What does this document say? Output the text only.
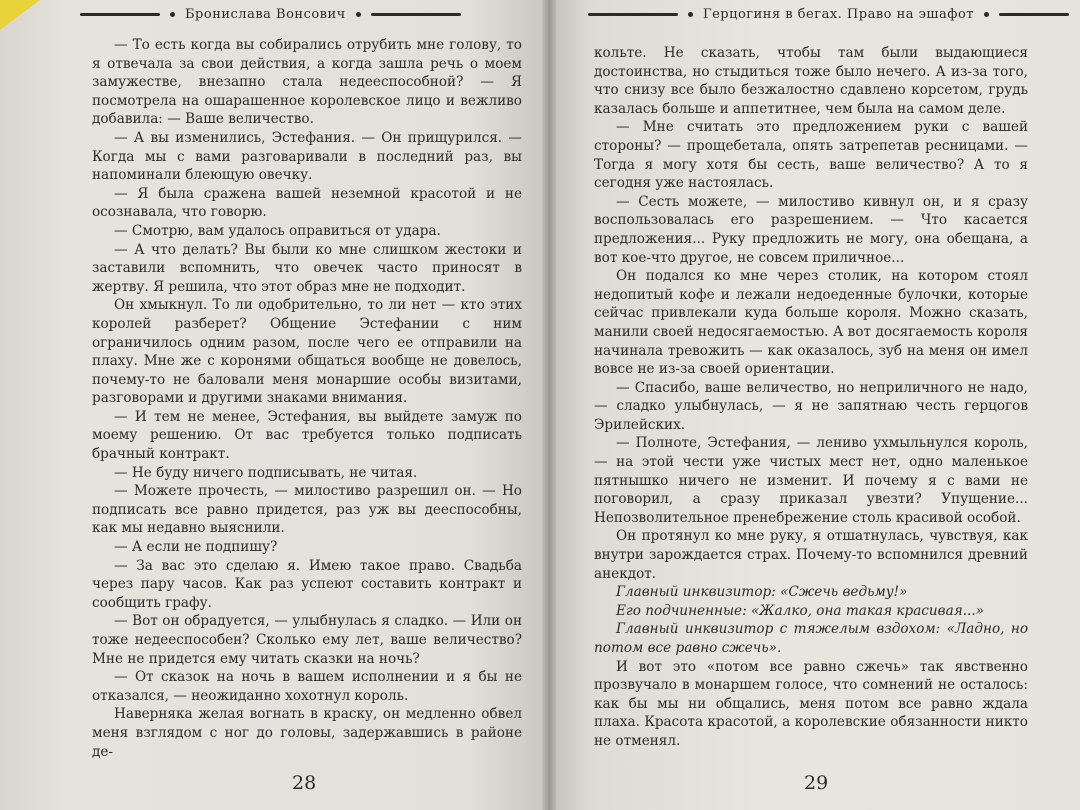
Бронислава Вонсович

— То есть когда вы собирались отрубить мне голову, то я отвечала за свои действия, а когда зашла речь о моем замужестве, внезапно стала недееспособной? — Я посмотрела на ошарашенное королевское лицо и вежливо добавила: — Ваше величество.

— А вы изменились, Эстефания. — Он прищурился. — Когда мы с вами разговаривали в последний раз, вы напоминали блеющую овечку.

— Я была сражена вашей неземной красотой и не осознавала, что говорю.

— Смотрю, вам удалось оправиться от удара.

— А что делать? Вы были ко мне слишком жестоки и заставили вспомнить, что овечек часто приносят в жертву. Я решила, что этот образ мне не подходит.

Он хмыкнул. То ли одобрительно, то ли нет — кто этих королей разберет? Общение Эстефании с ним ограничилось одним разом, после чего ее отправили на плаху. Мне же с коронями общаться вообще не довелось, почему-то не баловали меня монаршие особы визитами, разговорами и другими знаками внимания.

— И тем не менее, Эстефания, вы выйдете замуж по моему решению. От вас требуется только подписать брачный контракт.

— Не буду ничего подписывать, не читая.

— Можете прочесть, — милостиво разрешил он. — Но подписать все равно придется, раз уж вы дееспособны, как мы недавно выяснили.

— А если не подпишу?

— За вас это сделаю я. Имею такое право. Свадьба через пару часов. Как раз успеют составить контракт и сообщить графу.

— Вот он обрадуется, — улыбнулась я сладко. — Или он тоже недееспособен? Сколько ему лет, ваше величество? Мне не придется ему читать сказки на ночь?

— От сказок на ночь в вашем исполнении и я бы не отказался, — неожиданно хохотнул король.

Наверняка желая вогнать в краску, он медленно обвел меня взглядом с ног до головы, задержавшись в районе де-

28
Герцогиня в бегах. Право на эшафот

кольте. Не сказать, чтобы там были выдающиеся достоинства, но стыдиться тоже было нечего. А из-за того, что снизу все было безжалостно сдавлено корсетом, грудь казалась больше и аппетитнее, чем была на самом деле.

— Мне считать это предложением руки с вашей стороны? — прощебетала, опять затрепетав ресницами. — Тогда я могу хотя бы сесть, ваше величество? А то я сегодня уже настоялась.

— Сесть можете, — милостиво кивнул он, и я сразу воспользовалась его разрешением. — Что касается предложения... Руку предложить не могу, она обещана, а вот кое-что другое, не совсем приличное...

Он подался ко мне через столик, на котором стоял недопитый кофе и лежали недоеденные булочки, которые сейчас привлекали куда больше короля. Можно сказать, манили своей недосягаемостью. А вот досягаемость короля начинала тревожить — как оказалось, зуб на меня он имел вовсе не из-за своей ориентации.

— Спасибо, ваше величество, но неприличного не надо, — сладко улыбнулась, — я не запятнаю честь герцогов Эрилейских.

— Полноте, Эстефания, — лениво ухмыльнулся король, — на этой чести уже чистых мест нет, одно маленькое пятнышко ничего не изменит. И почему я с вами не поговорил, а сразу приказал увезти? Упущение... Непозволительное пренебрежение столь красивой особой.

Он протянул ко мне руку, я отшатнулась, чувствуя, как внутри зарождается страх. Почему-то вспомнился древний анекдот.

Главный инквизитор: «Сжечь ведьму!»

Его подчиненные: «Жалко, она такая красивая...»

Главный инквизитор с тяжелым вздохом: «Ладно, но потом все равно сжечь».

И вот это «потом все равно сжечь» так явственно прозвучало в монаршем голосе, что сомнений не осталось: как бы мы ни общались, меня потом все равно ждала плаха. Красота красотой, а королевские обязанности никто не отменял.

29
